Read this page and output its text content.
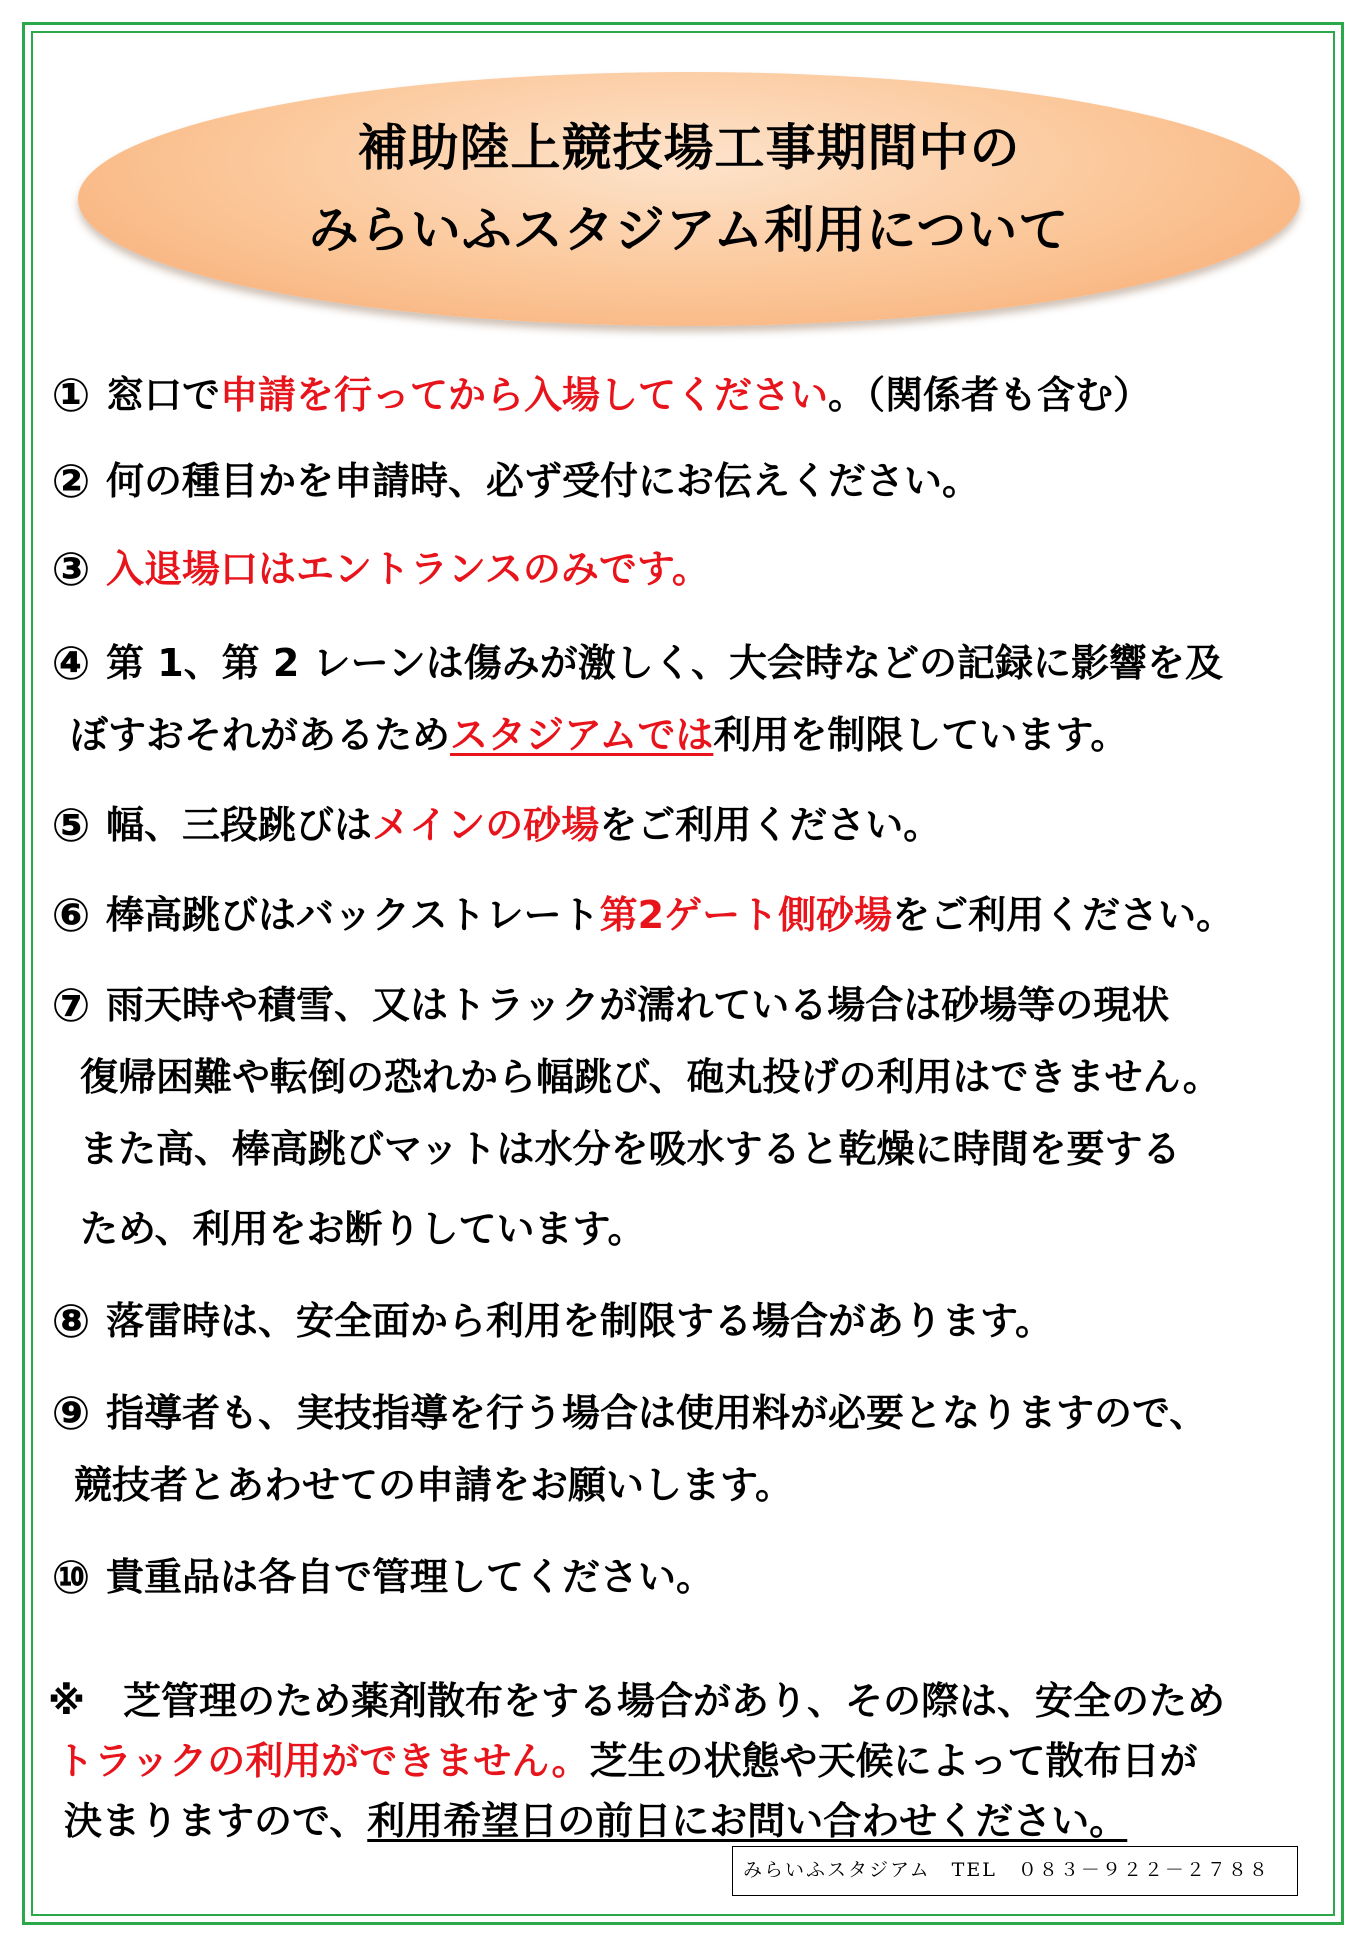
補助陸上競技場工事期間中の
みらいふスタジアム利用について
① 窓口で申請を行ってから入場してください。（関係者も含む）
② 何の種目かを申請時、必ず受付にお伝えください。
③ 入退場口はエントランスのみです。
④ 第 1、第 2 レーンは傷みが激しく、大会時などの記録に影響を及
ぼすおそれがあるためスタジアムでは利用を制限しています。
⑤ 幅、三段跳びはメインの砂場をご利用ください。
⑥ 棒高跳びはバックストレート第2ゲート側砂場をご利用ください。
⑦ 雨天時や積雪、又はトラックが濡れている場合は砂場等の現状
復帰困難や転倒の恐れから幅跳び、砲丸投げの利用はできません。
また高、棒高跳びマットは水分を吸水すると乾燥に時間を要する
ため、利用をお断りしています。
⑧ 落雷時は、安全面から利用を制限する場合があります。
⑨ 指導者も、実技指導を行う場合は使用料が必要となりますので、
競技者とあわせての申請をお願いします。
⑩ 貴重品は各自で管理してください。
※　芝管理のため薬剤散布をする場合があり、その際は、安全のため
トラックの利用ができません。芝生の状態や天候によって散布日が
決まりますので、利用希望日の前日にお問い合わせください。
みらいふスタジアム　TEL　０８３－９２２－２７８８
